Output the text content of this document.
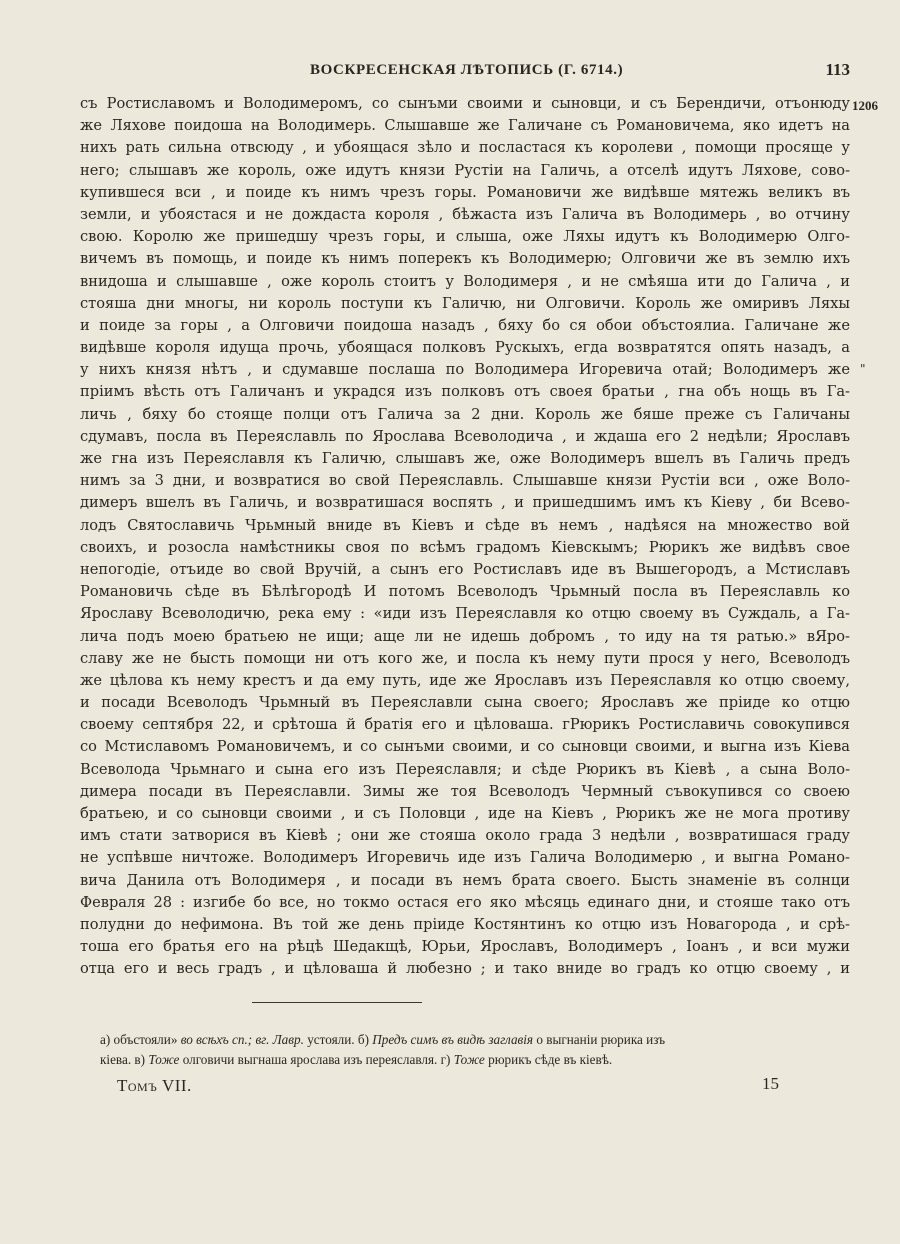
ВОСКРЕСЕНСКАЯ ЛѢТОПИСЬ (Г. 6714.)	113
1206
"
съ Ростиславомъ и Володимеромъ, со сынъми своими и сыновци, и съ Берендичи, отъонюду
же Ляхове поидоша на Володимерь. Слышавше же Галичане съ Романовичема, яко идетъ на
нихъ рать сильна отвсюду , и убоящася зѣло и посластася къ королеви , помощи просяще у
него; слышавъ же король, оже идутъ князи Рустіи на Галичь, а отселѣ идутъ Ляхове, сово-
купившеся вси , и поиде къ нимъ чрезъ горы. Романовичи же видѣвше мятежь великъ въ
земли, и убоястася и не дождаста короля , бѣжаста изъ Галича въ Володимерь , во отчину
свою. Королю же пришедшу чрезъ горы, и слыша, оже Ляхы идутъ къ Володимерю Олго-
вичемъ въ помощь, и поиде къ нимъ поперекъ къ Володимерю; Олговичи же въ землю ихъ
внидоша и слышавше , оже король стоитъ у Володимеря , и не смѣяша ити до Галича , и
стояша дни многы, ни король поступи къ Галичю, ни Олговичи. Король же омиривъ Ляхы
и поиде за горы , а Олговичи поидоша назадъ , бяху бо ся обои объстоялиа. Галичане же
видѣвше короля идуща прочь, убоящася полковъ Рускыхъ, егда возвратятся опять назадъ, а
у нихъ князя нѣтъ , и сдумавше послаша по Володимера Игоревича отай; Володимеръ же
пріимъ вѣсть отъ Галичанъ и украдся изъ полковъ отъ своея братьи , гна объ нощь въ Га-
личь , бяху бо стояще полци отъ Галича за 2 дни. Король же бяше преже съ Галичаны
сдумавъ, посла въ Переяславль по Ярослава Всеволодича , и ждаша его 2 недѣли; Ярославъ
же гна изъ Переяславля къ Галичю, слышавъ же, оже Володимеръ вшелъ въ Галичь предъ
нимъ за 3 дни, и возвратися во свой Переяславль. Слышавше князи Рустіи вси , оже Воло-
димеръ вшелъ въ Галичь, и возвратишася воспять , и пришедшимъ имъ къ Кіеву , би Всево-
лодъ Святославичь Чрьмный вниде въ Кіевъ и сѣде въ немъ , надѣяся на множество вой
своихъ, и розосла намѣстникы своя по всѣмъ градомъ Кіевскымъ; Рюрикъ же видѣвъ свое
непогодіе, отъиде во свой Вручій, а сынъ его Ростиславъ иде въ Вышегородъ, а Мстиславъ
Романовичь сѣде въ Бѣлѣгородѣ И потомъ Всеволодъ Чрьмный посла въ Переяславль ко
Ярославу Всеволодичю, река ему : «иди изъ Переяславля ко отцю своему въ Суждаль, а Га-
лича подъ моею братьею не ищи; аще ли не идешь добромъ , то иду на тя ратью.» вЯро-
славу же не бысть помощи ни отъ кого же, и посла къ нему пути прося у него, Всеволодъ
же цѣлова къ нему крестъ и да ему путь, иде же Ярославъ изъ Переяславля ко отцю своему,
и посади Всеволодъ Чрьмный въ Переяславли сына своего; Ярославъ же пріиде ко отцю
своему септября 22, и срѣтоша й братія его и цѣловаша. гРюрикъ Ростиславичь совокупився
со Мстиславомъ Романовичемъ, и со сынъми своими, и со сыновци своими, и выгна изъ Кіева
Всеволода Чрьмнаго и сына его изъ Переяславля; и сѣде Рюрикъ въ Кіевѣ , а сына Воло-
димера посади въ Переяславли. Зимы же тоя Всеволодъ Чермный съвокупився со своею
братьею, и со сыновци своими , и съ Половци , иде на Кіевъ , Рюрикъ же не мога противу
имъ стати затворися въ Кіевѣ ; они же стояша около града 3 недѣли , возвратишася граду
не успѣвше ничтоже. Володимеръ Игоревичь иде изъ Галича Володимерю , и выгна Романо-
вича Данила отъ Володимеря , и посади въ немъ брата своего. Бысть знаменіе въ солнци
Февраля 28 : изгибе бо все, но токмо остася его яко мѣсяць единаго дни, и стояше тако отъ
полудни до нефимона. Въ той же день пріиде Костянтинъ ко отцю изъ Новагорода , и срѣ-
тоша его братья его на рѣцѣ Шедакщѣ, Юрьи, Ярославъ, Володимеръ , Іоанъ , и вси мужи
отца его и весь градъ , и цѣловаша й любезно ; и тако вниде во градъ ко отцю своему , и
а) объстояли» во всѣхъ сп.; вг. Лавр. устояли. б) Предъ симъ въ видѣ заглавія о выгнаніи рюрика изъ
кіева. в) Тоже олговичи выгнаша ярослава изъ переяславля. г) Тоже рюрикъ сѣде въ кіевѣ.
Томъ VII.	15
